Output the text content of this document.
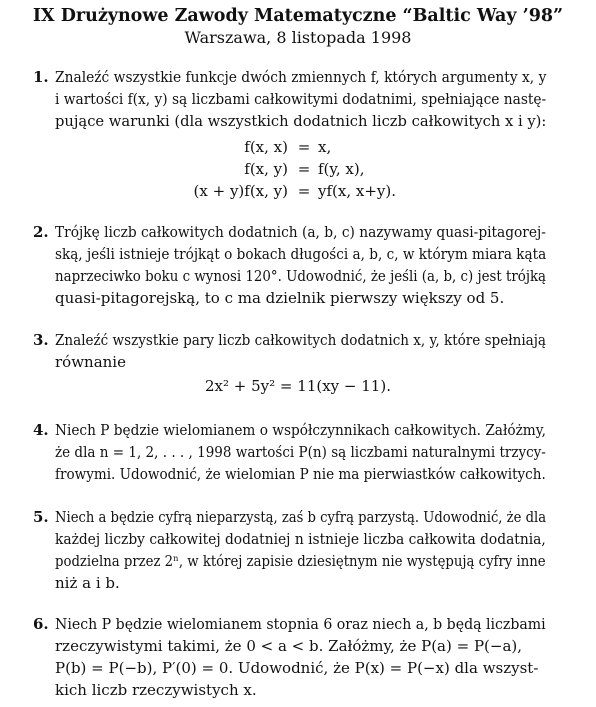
IX Drużynowe Zawody Matematyczne “Baltic Way ’98”
Warszawa, 8 listopada 1998
1. Znaleźć wszystkie funkcje dwóch zmiennych f, których argumenty x, y
i wartości f(x, y) są liczbami całkowitymi dodatnimi, spełniające nastę-
pujące warunki (dla wszystkich dodatnich liczb całkowitych x i y):
f(x, x) = x,
f(x, y) = f(y, x),
(x + y)f(x, y) = yf(x, x+y).
2. Trójkę liczb całkowitych dodatnich (a, b, c) nazywamy quasi-pitagorej-
ską, jeśli istnieje trójkąt o bokach długości a, b, c, w którym miara kąta
naprzeciwko boku c wynosi 120°. Udowodnić, że jeśli (a, b, c) jest trójką
quasi-pitagorejską, to c ma dzielnik pierwszy większy od 5.
3. Znaleźć wszystkie pary liczb całkowitych dodatnich x, y, które spełniają
równanie
2x² + 5y² = 11(xy − 11).
4. Niech P będzie wielomianem o współczynnikach całkowitych. Załóżmy,
że dla n = 1, 2, . . . , 1998 wartości P(n) są liczbami naturalnymi trzycy-
frowymi. Udowodnić, że wielomian P nie ma pierwiastków całkowitych.
5. Niech a będzie cyfrą nieparzystą, zaś b cyfrą parzystą. Udowodnić, że dla
każdej liczby całkowitej dodatniej n istnieje liczba całkowita dodatnia,
podzielna przez 2ⁿ, w której zapisie dziesiętnym nie występują cyfry inne
niż a i b.
6. Niech P będzie wielomianem stopnia 6 oraz niech a, b będą liczbami
rzeczywistymi takimi, że 0 < a < b. Załóżmy, że P(a) = P(−a),
P(b) = P(−b), P′(0) = 0. Udowodnić, że P(x) = P(−x) dla wszyst-
kich liczb rzeczywistych x.
